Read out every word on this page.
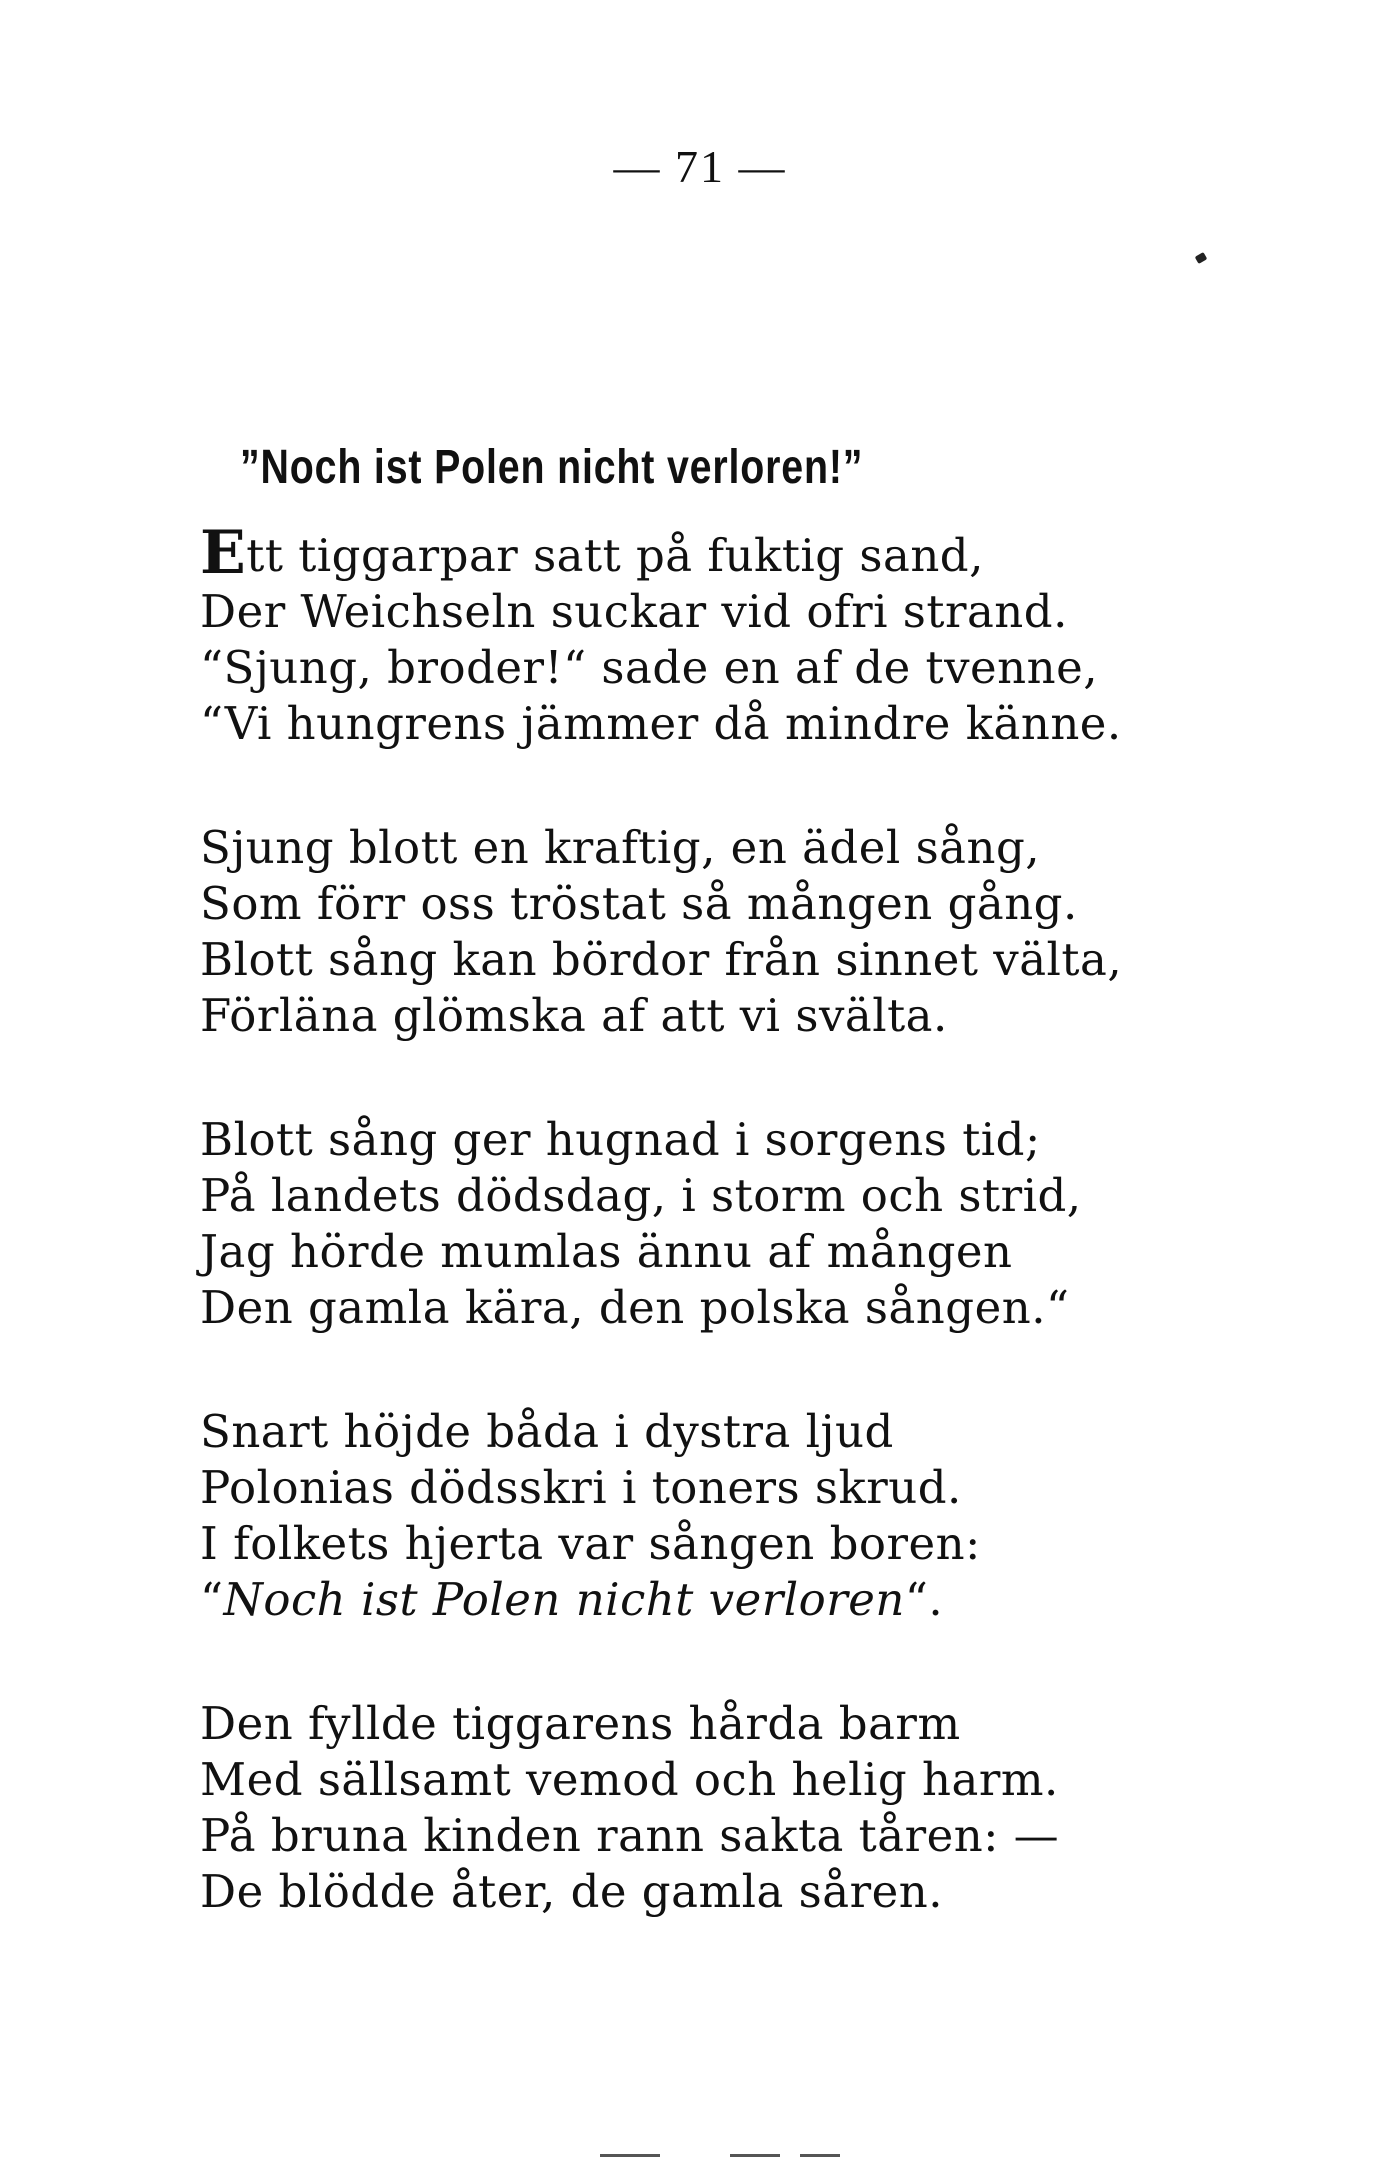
— 71 —
”Noch ist Polen nicht verloren!”
Ett tiggarpar satt på fuktig sand,
Der Weichseln suckar vid ofri strand.
“Sjung, broder!“ sade en af de tvenne,
“Vi hungrens jämmer då mindre känne.
Sjung blott en kraftig, en ädel sång,
Som förr oss tröstat så mången gång.
Blott sång kan bördor från sinnet välta,
Förläna glömska af att vi svälta.
Blott sång ger hugnad i sorgens tid;
På landets dödsdag, i storm och strid,
Jag hörde mumlas ännu af mången
Den gamla kära, den polska sången.“
Snart höjde båda i dystra ljud
Polonias dödsskri i toners skrud.
I folkets hjerta var sången boren:
“Noch ist Polen nicht verloren“.
Den fyllde tiggarens hårda barm
Med sällsamt vemod och helig harm.
På bruna kinden rann sakta tåren: —
De blödde åter, de gamla såren.
